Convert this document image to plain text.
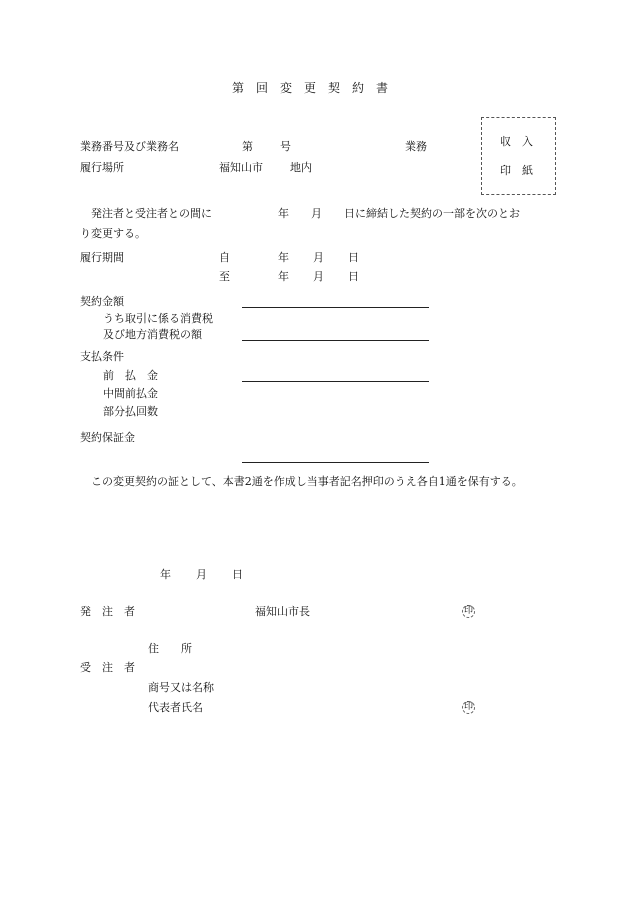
第　回　変　更　契　約　書
業務番号及び業務名	第 号	業務
履行場所	福知山市 地内
収　入
印　紙
発注者と受注者との間に　　　　　　年　　月　　日に締結した契約の一部を次のとお
り変更する。
履行期間	自	年 月 日
至	年 月 日
契約金額
うち取引に係る消費税
及び地方消費税の額
支払条件
前　払　金
中間前払金
部分払回数
契約保証金
この変更契約の証として、本書2通を作成し当事者記名押印のうえ各自1通を保有する。
年 月 日
発　注　者	福知山市長	印
住　　所
受　注　者
商号又は名称
代表者氏名	印
